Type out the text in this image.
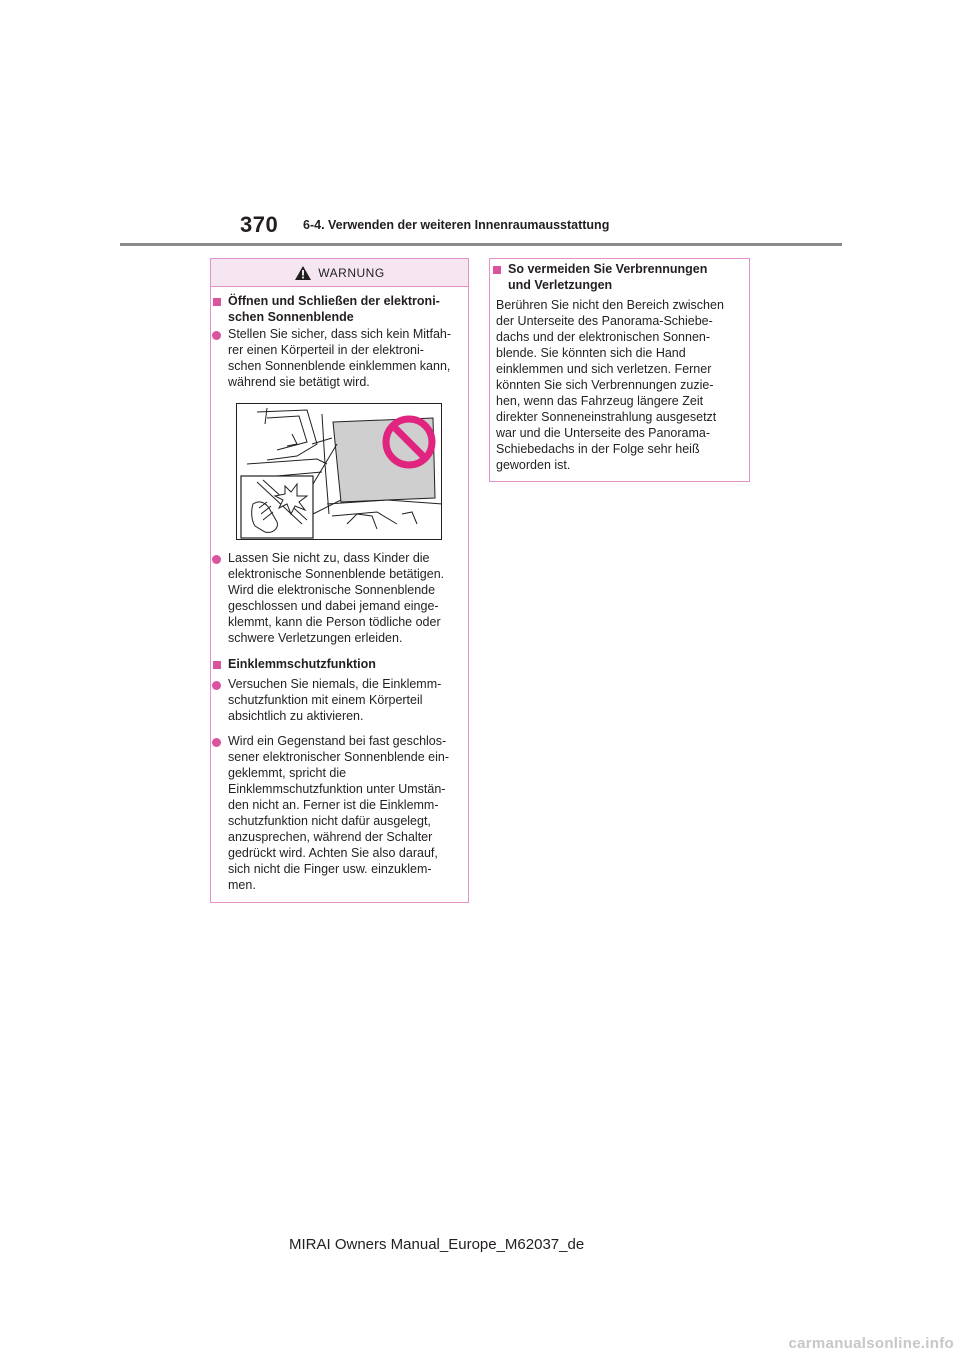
370 6-4. Verwenden der weiteren Innenraumausstattung
WARNUNG
Öffnen und Schließen der elektroni-
schen Sonnenblende
Stellen Sie sicher, dass sich kein Mitfah-
rer einen Körperteil in der elektroni-
schen Sonnenblende einklemmen kann,
während sie betätigt wird.
Lassen Sie nicht zu, dass Kinder die
elektronische Sonnenblende betätigen.
Wird die elektronische Sonnenblende
geschlossen und dabei jemand einge-
klemmt, kann die Person tödliche oder
schwere Verletzungen erleiden.
Einklemmschutzfunktion
Versuchen Sie niemals, die Einklemm-
schutzfunktion mit einem Körperteil
absichtlich zu aktivieren.
Wird ein Gegenstand bei fast geschlos-
sener elektronischer Sonnenblende ein-
geklemmt, spricht die
Einklemmschutzfunktion unter Umstän-
den nicht an. Ferner ist die Einklemm-
schutzfunktion nicht dafür ausgelegt,
anzusprechen, während der Schalter
gedrückt wird. Achten Sie also darauf,
sich nicht die Finger usw. einzuklem-
men.
So vermeiden Sie Verbrennungen
und Verletzungen
Berühren Sie nicht den Bereich zwischen
der Unterseite des Panorama-Schiebe-
dachs und der elektronischen Sonnen-
blende. Sie könnten sich die Hand
einklemmen und sich verletzen. Ferner
könnten Sie sich Verbrennungen zuzie-
hen, wenn das Fahrzeug längere Zeit
direkter Sonneneinstrahlung ausgesetzt
war und die Unterseite des Panorama-
Schiebedachs in der Folge sehr heiß
geworden ist.
MIRAI Owners Manual_Europe_M62037_de
carmanualsonline.info
